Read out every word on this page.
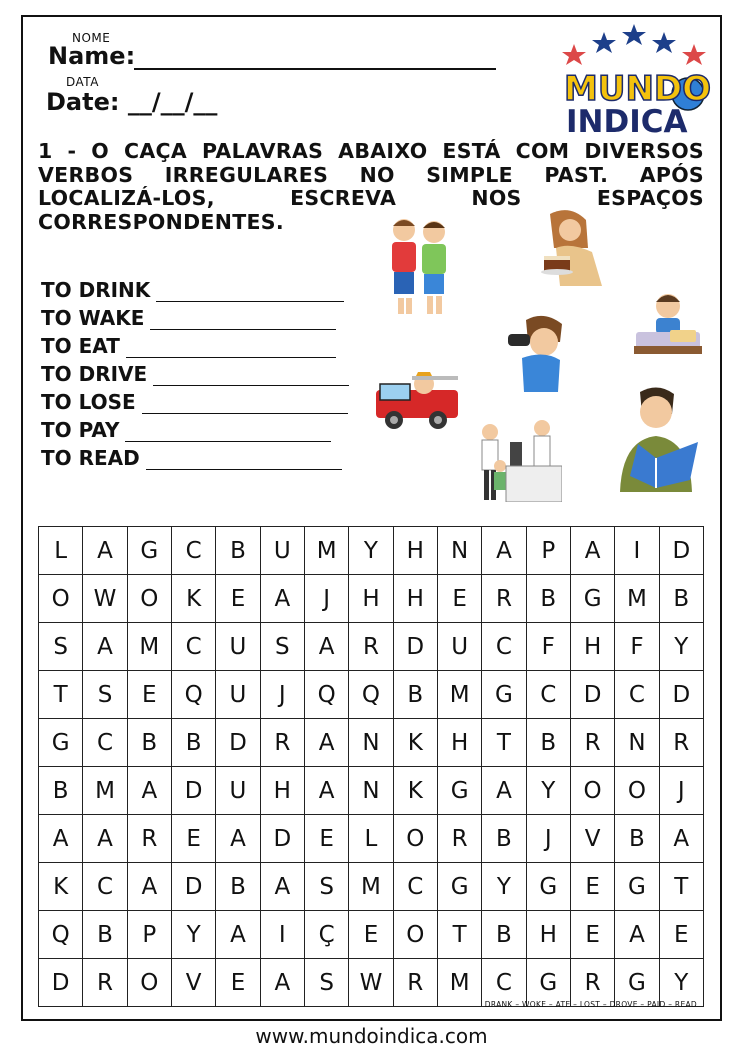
NOME
Name:
DATA
Date: __/__/__	MUNDO
INDICA
1 - O CAÇA PALAVRAS ABAIXO ESTÁ COM DIVERSOS VERBOS IRREGULARES NO SIMPLE PAST. APÓS LOCALIZÁ-LOS, ESCREVA NOS ESPAÇOS CORRESPONDENTES.
TO DRINK
TO WAKE
TO EAT
TO DRIVE
TO LOSE
TO PAY
TO READ
L	A	G	C	B	U	M	Y	H	N	A	P	A	I	D
O	W	O	K	E	A	J	H	H	E	R	B	G	M	B
S	A	M	C	U	S	A	R	D	U	C	F	H	F	Y
T	S	E	Q	U	J	Q	Q	B	M	G	C	D	C	D
G	C	B	B	D	R	A	N	K	H	T	B	R	N	R
B	M	A	D	U	H	A	N	K	G	A	Y	O	O	J
A	A	R	E	A	D	E	L	O	R	B	J	V	B	A
K	C	A	D	B	A	S	M	C	G	Y	G	E	G	T
Q	B	P	Y	A	I	Ç	E	O	T	B	H	E	A	E
D	R	O	V	E	A	S	W	R	M	C	G	R	G	Y
DRANK – WOKE – ATE – LOST – DROVE – PAID – READ
www.mundoindica.com
